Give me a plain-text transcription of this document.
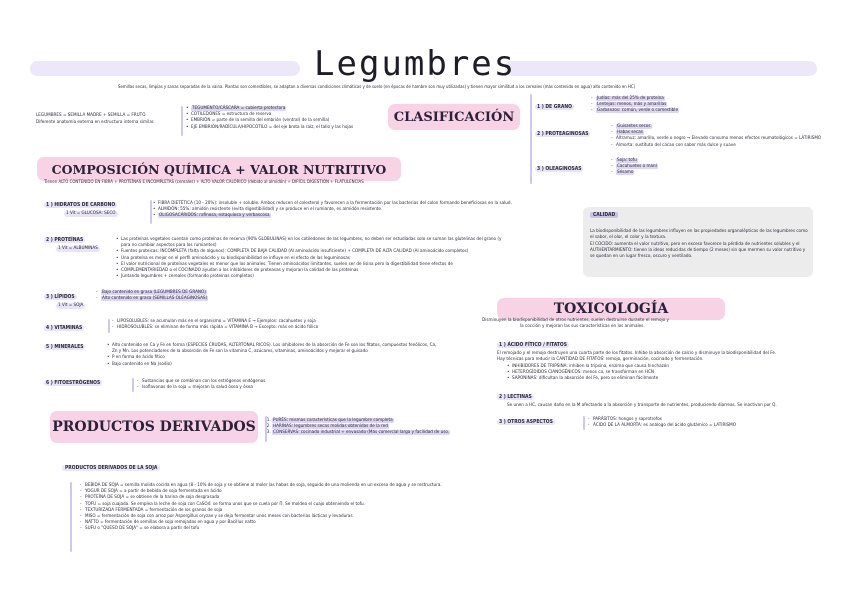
Legumbres
Semillas secas, limpias y sanas separadas de la vaina. Plantas son comestibles, se adaptan a diversas condiciones climáticas y de suelo (en épocas de hambre son muy utilizadas) y tienen mayor similitud a los cereales (más contenido en agua) alto contenido en HC)
LEGUMBRES = SEMILLA MADRE + SEMILLA = FRUTO
Diferente anatomía externa en estructura interna similar.
• TEGUMENTO/CÁSCARA = cubierta protectora
• COTILEDONES = estructura de reserva
• EMBRIÓN = parte de la semilla del embrión (ventral) de la semilla)
• EJE EMBRIÓN/RADÍCULA/HIPOCÓTILO = del eje brota la raíz, el tallo y las hojas
CLASIFICACIÓN
1 ) DE GRANO
- Judías: más del 25% de proteína
- Lentejas: menos, más y amarillas
- Garbanzos: común, verde o comestible
2 ) PROTEAGINOSAS
- Guisantes secos
- Habas secas
- Altramuz: amarillo, verde o negro → Elevado consumo menos efectos reumatológicos = LATIRISMO
- Almorta: sustituto del cacao con sabor más dulce y suave
3 ) OLEAGINOSAS
- Soja: tofu
- Cacahuetes o maní
- Sésamo
COMPOSICIÓN QUÍMICA + VALOR NUTRITIVO
Tienen ALTO CONTENIDO EN FIBRA + PROTEÍNAS E INCOMPLETAS (cereales) + ALTO VALOR CALÓRICO (debido al almidón) + DIFÍCIL DIGESTIÓN + FLATULENCIAS
1 ) HIDRATOS DE CARBONO
1 Vit = GLUCOSA: SECO
• FIBRA DIETÉTICA (10 - 20%): insoluble + soluble. Ambos reducen el colesterol y favorecen a la fermentación por las bacterias del colon formando beneficiosas en la salud.
• ALMIDÓN: 55%: almidón resistente (evita digestibilidad) y se produce en el rumiante, es almidón resistente.
• OLIGOSACÁRIDOS: rafinosa, estaquiosa y verbascosa
2 ) PROTEÍNAS
1 Vit = ALBÚMINAS
• Las proteínas vegetales cuentan como proteínas de reserva (90% GLOBULINAS) en los cotiledones de las legumbres, no deben ser estudiadas solo se suman las glutelinas del grano (y para no cambiar aspectos para los rumiantes)
• Fuentes proteicas: INCOMPLETA (falta de algunos): COMPLETA DE BAJA CALIDAD (Al aminoácido insuficiente) + COMPLETA DE ALTA CALIDAD (Al aminoácido completos)
• Una proteína es mejor en el perfil aminoácido y su biodisponibilidad se influye en el efecto de las leguminosas
• El valor nutricional de proteínas vegetales es menor que los animales. Tienen aminoácidos limitantes, suelen ser de lisina pero la digestibilidad tiene efectos de
• COMPLEMENTARIEDAD o el COCINADO ayudan a los inhibidores de proteasas y mejoran la calidad de las proteínas
• Juntando legumbres + cereales (formando proteínas completas)
3 ) LÍPIDOS
1 Vit = SOJA
- Bajo contenido en grasa (LEGUMBRES DE GRANO)
- Alto contenido en grasa (SEMILLAS OLEAGINOSAS)
4 ) VITAMINAS
- LIPOSOLUBLES: se acumulan más en el organismo = VITAMINA E → Ejemplos: cacahuetes y soja
- HIDROSOLUBLES: se eliminan de forma más rápida = VITAMINA B → Excepto: más en ácido fólico
5 ) MINERALES	• Alto contenido en Ca y Fe en forma (ESPECIES CRUDAS, ALTERTONAL RICOS). Los inhibidores de la absorción de Fe son los fitatos, compuestos fenólicos, Ca, Zn y Mn. Los potenciadores de la absorción de Fe son la vitamina C, azúcares, vitaminas, aminoácidos y mejorar el guisado
• P en forma de ácido fítico
• Bajo contenido en Na (sodio)
6 ) FITOESTRÓGENOS	- Sustancias que se combinan con los estrógenos endógenos.
- Isoflavonas de la soja = mejoran la salud ósea y ósea
CALIDAD
La biodisponibilidad de las legumbres influyen en las propiedades organolépticas de las legumbres como el sabor, el olor, el color y la textura.
El COCIDO: aumenta el valor nutritivo, pero en exceso favorece la pérdida de nutrientes solubles y el AUTHENTARMIENTO: tienen la ideas reducidas de tiempo (2 meses) sin que mermen su valor nutritivo y se quedan en un lugar fresco, oscuro y ventilado.
TOXICOLOGÍA
Disminuyen la biodisponibilidad de otros nutrientes, suelen destruirse durante el remojo y
la cocción y mejoran las sus características en los animales.
1 ) ÁCIDO FÍTICO / FITATOS
El remojado y el remojo destruyen una cuarta parte de los fitatos. Inhibe la absorción de calcio y disminuye la biodisponibilidad del Fe.
Hay técnicas para reducir la CANTIDAD DE FITATOS: remojo, germinación, cocinado y fermentación.
• INHIBIDORES DE TRIPSINA: inhiben la tripsina, enzima que causa hinchazón
• HETEROGÍDIDOS CIANOGÉNICOS: menos ca, se transforman en HCN
• SAPONINAS: dificultan la absorción del Fe, pero se eliminan fácilmente
2 ) LECTINAS
Se unen a HC, causan daño en la M afectando a la absorción y transporte de nutrientes, produciendo diarreas. Se inactivan por Q.
3 ) OTROS ASPECTOS	- PARÁSITOS: hongos y saprotrofos
- ÁCIDO DE LA ALMORTA: es análogo del ácido glutámico = LATIRISMO
PRODUCTOS DERIVADOS	1. PURÉS: mismas características que la legumbre completa
2. HARINAS: legumbres secas molidas obtenidas de la red
3. CONSERVAS: cocinado industrial + envasado (Más comercial larga y facilidad de uso.
PRODUCTOS DERIVADOS DE LA SOJA
- BEBIDA DE SOJA = semilla molida cocida en agua (8 - 10% de soja y se obtiene al moler las habas de soja, seguido de una molienda en un exceso de agua y se restructura.
- YOGUR DE SOJA = a partir de bebida de soja fermentada en ácido
- PROTEÍNA DE SOJA = se obtiene de la harina de soja desgrasada
- TOFU = soja cuajada. Se emplea la leche de soja con CaSO4: se forma unos que se cuela por Π. Se moldea el cuajo obteniendo el tofu.
- TEXTURIZADA FERMENTADA = fermentación de los granos de soja
- MISO = fermentación de soja con arroz por Aspergillus oryzae y se deja fermentar unos meses con bacterias lácticas y levaduras
- NATTO = fermentación de semillas de soja remojadas en agua y por Bacillus natto
- SUFU o "QUESO DE SOJA" = se elabora a partir del tofu
